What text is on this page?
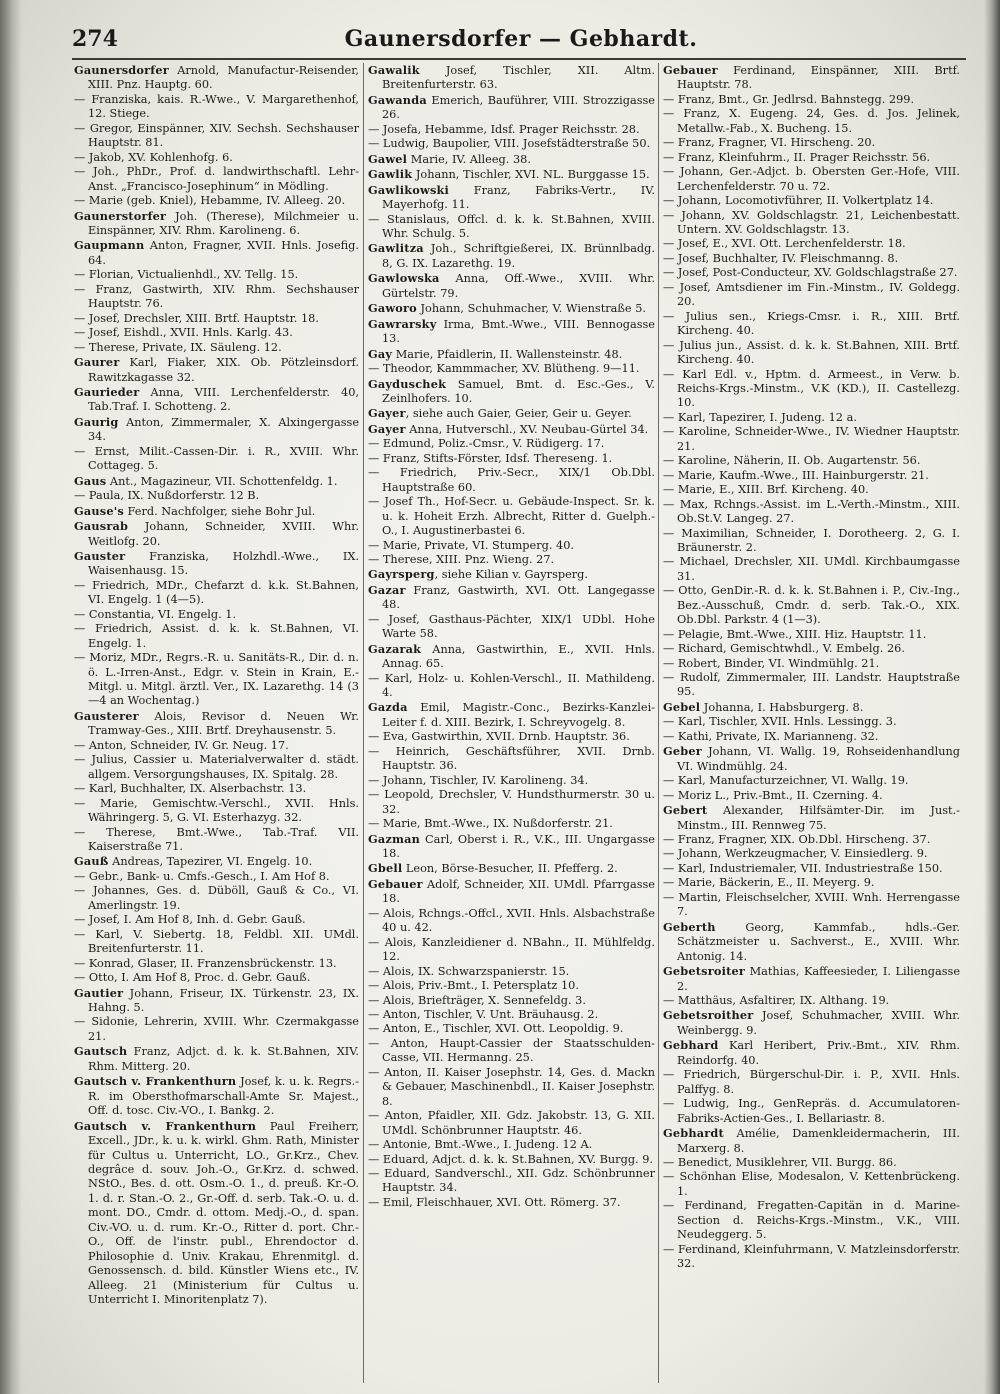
274	Gaunersdorfer — Gebhardt.
Gaunersdorfer Arnold, Manufactur-Reisender, XIII. Pnz. Hauptg. 60.
— Franziska, kais. R.-Wwe., V. Margarethenhof, 12. Stiege.
— Gregor, Einspänner, XIV. Sechsh. Sechshauser Hauptstr. 81.
— Jakob, XV. Kohlenhofg. 6.
— Joh., PhDr., Prof. d. landwirthschaftl. Lehr-Anst. „Francisco-Josephinum“ in Mödling.
— Marie (geb. Kniel), Hebamme, IV. Alleeg. 20.
Gaunerstorfer Joh. (Therese), Milchmeier u. Einspänner, XIV. Rhm. Karolineng. 6.
Gaupmann Anton, Fragner, XVII. Hnls. Josefig. 64.
— Florian, Victualienhdl., XV. Tellg. 15.
— Franz, Gastwirth, XIV. Rhm. Sechshauser Hauptstr. 76.
— Josef, Drechsler, XIII. Brtf. Hauptstr. 18.
— Josef, Eishdl., XVII. Hnls. Karlg. 43.
— Therese, Private, IX. Säuleng. 12.
Gaurer Karl, Fiaker, XIX. Ob. Pötzleinsdorf. Rawitzkagasse 32.
Gaurieder Anna, VIII. Lerchenfelderstr. 40, Tab.Traf. I. Schotteng. 2.
Gaurig Anton, Zimmermaler, X. Alxingergasse 34.
— Ernst, Milit.-Cassen-Dir. i. R., XVIII. Whr. Cottageg. 5.
Gaus Ant., Magazineur, VII. Schottenfeldg. 1.
— Paula, IX. Nußdorferstr. 12 B.
Gause's Ferd. Nachfolger, siehe Bohr Jul.
Gausrab Johann, Schneider, XVIII. Whr. Weitlofg. 20.
Gauster Franziska, Holzhdl.-Wwe., IX. Waisenhausg. 15.
— Friedrich, MDr., Chefarzt d. k.k. St.Bahnen, VI. Engelg. 1 (4—5).
— Constantia, VI. Engelg. 1.
— Friedrich, Assist. d. k. k. St.Bahnen, VI. Engelg. 1.
— Moriz, MDr., Regrs.-R. u. Sanitäts-R., Dir. d. n. ö. L.-Irren-Anst., Edgr. v. Stein in Krain, E.-Mitgl. u. Mitgl. ärztl. Ver., IX. Lazarethg. 14 (3—4 an Wochentag.)
Gausterer Alois, Revisor d. Neuen Wr. Tramway-Ges., XIII. Brtf. Dreyhausenstr. 5.
— Anton, Schneider, IV. Gr. Neug. 17.
— Julius, Cassier u. Materialverwalter d. städt. allgem. Versorgungshauses, IX. Spitalg. 28.
— Karl, Buchhalter, IX. Alserbachstr. 13.
— Marie, Gemischtw.-Verschl., XVII. Hnls. Währingerg. 5, G. VI. Esterhazyg. 32.
— Therese, Bmt.-Wwe., Tab.-Traf. VII. Kaiserstraße 71.
Gauß Andreas, Tapezirer, VI. Engelg. 10.
— Gebr., Bank- u. Cmfs.-Gesch., I. Am Hof 8.
— Johannes, Ges. d. Düböll, Gauß & Co., VI. Amerlingstr. 19.
— Josef, I. Am Hof 8, Inh. d. Gebr. Gauß.
— Karl, V. Siebertg. 18, Feldbl. XII. UMdl. Breitenfurterstr. 11.
— Konrad, Glaser, II. Franzensbrückenstr. 13.
— Otto, I. Am Hof 8, Proc. d. Gebr. Gauß.
Gautier Johann, Friseur, IX. Türkenstr. 23, IX. Hahng. 5.
— Sidonie, Lehrerin, XVIII. Whr. Czermakgasse 21.
Gautsch Franz, Adjct. d. k. k. St.Bahnen, XIV. Rhm. Mitterg. 20.
Gautsch v. Frankenthurn Josef, k. u. k. Regrs.-R. im Obersthofmarschall-Amte Sr. Majest., Off. d. tosc. Civ.-VO., I. Bankg. 2.
Gautsch v. Frankenthurn Paul Freiherr, Excell., JDr., k. u. k. wirkl. Ghm. Rath, Minister für Cultus u. Unterricht, LO., Gr.Krz., Chev. degrâce d. souv. Joh.-O., Gr.Krz. d. schwed. NStO., Bes. d. ott. Osm.-O. 1., d. preuß. Kr.-O. 1. d. r. Stan.-O. 2., Gr.-Off. d. serb. Tak.-O. u. d. mont. DO., Cmdr. d. ottom. Medj.-O., d. span. Civ.-VO. u. d. rum. Kr.-O., Ritter d. port. Chr.-O., Off. de l'instr. publ., Ehrendoctor d. Philosophie d. Univ. Krakau, Ehrenmitgl. d. Genossensch. d. bild. Künstler Wiens etc., IV. Alleeg. 21 (Ministerium für Cultus u. Unterricht I. Minoritenplatz 7).
Gawalik Josef, Tischler, XII. Altm. Breitenfurterstr. 63.
Gawanda Emerich, Bauführer, VIII. Strozzigasse 26.
— Josefa, Hebamme, Idsf. Prager Reichsstr. 28.
— Ludwig, Baupolier, VIII. Josefstädterstraße 50.
Gawel Marie, IV. Alleeg. 38.
Gawlik Johann, Tischler, XVI. NL. Burggasse 15.
Gawlikowski Franz, Fabriks-Vertr., IV. Mayerhofg. 11.
— Stanislaus, Offcl. d. k. k. St.Bahnen, XVIII. Whr. Schulg. 5.
Gawlitza Joh., Schriftgießerei, IX. Brünnlbadg. 8, G. IX. Lazarethg. 19.
Gawlowska Anna, Off.-Wwe., XVIII. Whr. Gürtelstr. 79.
Gaworo Johann, Schuhmacher, V. Wienstraße 5.
Gawrarsky Irma, Bmt.-Wwe., VIII. Bennogasse 13.
Gay Marie, Pfaidlerin, II. Wallensteinstr. 48.
— Theodor, Kammmacher, XV. Blütheng. 9—11.
Gayduschek Samuel, Bmt. d. Esc.-Ges., V. Zeinlhofers. 10.
Gayer, siehe auch Gaier, Geier, Geir u. Geyer.
Gayer Anna, Hutverschl., XV. Neubau-Gürtel 34.
— Edmund, Poliz.-Cmsr., V. Rüdigerg. 17.
— Franz, Stifts-Förster, Idsf. Thereseng. 1.
— Friedrich, Priv.-Secr., XIX/1 Ob.Dbl. Hauptstraße 60.
— Josef Th., Hof-Secr. u. Gebäude-Inspect. Sr. k. u. k. Hoheit Erzh. Albrecht, Ritter d. Guelph.-O., I. Augustinerbastei 6.
— Marie, Private, VI. Stumperg. 40.
— Therese, XIII. Pnz. Wieng. 27.
Gayrsperg, siehe Kilian v. Gayrsperg.
Gazar Franz, Gastwirth, XVI. Ott. Langegasse 48.
— Josef, Gasthaus-Pächter, XIX/1 UDbl. Hohe Warte 58.
Gazarak Anna, Gastwirthin, E., XVII. Hnls. Annag. 65.
— Karl, Holz- u. Kohlen-Verschl., II. Mathildeng. 4.
Gazda Emil, Magistr.-Conc., Bezirks-Kanzlei-Leiter f. d. XIII. Bezirk, I. Schreyvogelg. 8.
— Eva, Gastwirthin, XVII. Drnb. Hauptstr. 36.
— Heinrich, Geschäftsführer, XVII. Drnb. Hauptstr. 36.
— Johann, Tischler, IV. Karolineng. 34.
— Leopold, Drechsler, V. Hundsthurmerstr. 30 u. 32.
— Marie, Bmt.-Wwe., IX. Nußdorferstr. 21.
Gazman Carl, Oberst i. R., V.K., III. Ungargasse 18.
Gbell Leon, Börse-Besucher, II. Pfefferg. 2.
Gebauer Adolf, Schneider, XII. UMdl. Pfarrgasse 18.
— Alois, Rchngs.-Offcl., XVII. Hnls. Alsbachstraße 40 u. 42.
— Alois, Kanzleidiener d. NBahn., II. Mühlfeldg. 12.
— Alois, IX. Schwarzspanierstr. 15.
— Alois, Priv.-Bmt., I. Petersplatz 10.
— Alois, Briefträger, X. Sennefeldg. 3.
— Anton, Tischler, V. Unt. Bräuhausg. 2.
— Anton, E., Tischler, XVI. Ott. Leopoldig. 9.
— Anton, Haupt-Cassier der Staatsschulden-Casse, VII. Hermanng. 25.
— Anton, II. Kaiser Josephstr. 14, Ges. d. Mackn & Gebauer, Maschinenbdl., II. Kaiser Josephstr. 8.
— Anton, Pfaidler, XII. Gdz. Jakobstr. 13, G. XII. UMdl. Schönbrunner Hauptstr. 46.
— Antonie, Bmt.-Wwe., I. Judeng. 12 A.
— Eduard, Adjct. d. k. k. St.Bahnen, XV. Burgg. 9.
— Eduard, Sandverschl., XII. Gdz. Schönbrunner Hauptstr. 34.
— Emil, Fleischhauer, XVI. Ott. Römerg. 37.
Gebauer Ferdinand, Einspänner, XIII. Brtf. Hauptstr. 78.
— Franz, Bmt., Gr. Jedlrsd. Bahnstegg. 299.
— Franz, X. Eugeng. 24, Ges. d. Jos. Jelinek, Metallw.-Fab., X. Bucheng. 15.
— Franz, Fragner, VI. Hirscheng. 20.
— Franz, Kleinfuhrm., II. Prager Reichsstr. 56.
— Johann, Ger.-Adjct. b. Obersten Ger.-Hofe, VIII. Lerchenfelderstr. 70 u. 72.
— Johann, Locomotivführer, II. Volkertplatz 14.
— Johann, XV. Goldschlagstr. 21, Leichenbestatt. Untern. XV. Goldschlagstr. 13.
— Josef, E., XVI. Ott. Lerchenfelderstr. 18.
— Josef, Buchhalter, IV. Fleischmanng. 8.
— Josef, Post-Conducteur, XV. Goldschlagstraße 27.
— Josef, Amtsdiener im Fin.-Minstm., IV. Goldegg. 20.
— Julius sen., Kriegs-Cmsr. i. R., XIII. Brtf. Kircheng. 40.
— Julius jun., Assist. d. k. k. St.Bahnen, XIII. Brtf. Kircheng. 40.
— Karl Edl. v., Hptm. d. Armeest., in Verw. b. Reichs-Krgs.-Minstm., V.K (KD.), II. Castellezg. 10.
— Karl, Tapezirer, I. Judeng. 12 a.
— Karoline, Schneider-Wwe., IV. Wiedner Hauptstr. 21.
— Karoline, Näherin, II. Ob. Augartenstr. 56.
— Marie, Kaufm.-Wwe., III. Hainburgerstr. 21.
— Marie, E., XIII. Brf. Kircheng. 40.
— Max, Rchngs.-Assist. im L.-Verth.-Minstm., XIII. Ob.St.V. Langeg. 27.
— Maximilian, Schneider, I. Dorotheerg. 2, G. I. Bräunerstr. 2.
— Michael, Drechsler, XII. UMdl. Kirchbaumgasse 31.
— Otto, GenDir.-R. d. k. k. St.Bahnen i. P., Civ.-Ing., Bez.-Ausschuß, Cmdr. d. serb. Tak.-O., XIX. Ob.Dbl. Parkstr. 4 (1—3).
— Pelagie, Bmt.-Wwe., XIII. Hiz. Hauptstr. 11.
— Richard, Gemischtwhdl., V. Embelg. 26.
— Robert, Binder, VI. Windmühlg. 21.
— Rudolf, Zimmermaler, III. Landstr. Hauptstraße 95.
Gebel Johanna, I. Habsburgerg. 8.
— Karl, Tischler, XVII. Hnls. Lessingg. 3.
— Kathi, Private, IX. Marianneng. 32.
Geber Johann, VI. Wallg. 19, Rohseidenhandlung VI. Windmühlg. 24.
— Karl, Manufacturzeichner, VI. Wallg. 19.
— Moriz L., Priv.-Bmt., II. Czerning. 4.
Gebert Alexander, Hilfsämter-Dir. im Just.-Minstm., III. Rennweg 75.
— Franz, Fragner, XIX. Ob.Dbl. Hirscheng. 37.
— Johann, Werkzeugmacher, V. Einsiedlerg. 9.
— Karl, Industriemaler, VII. Industriestraße 150.
— Marie, Bäckerin, E., II. Meyerg. 9.
— Martin, Fleischselcher, XVIII. Wnh. Herrengasse 7.
Geberth Georg, Kammfab., hdls.-Ger. Schätzmeister u. Sachverst., E., XVIII. Whr. Antonig. 14.
Gebetsroiter Mathias, Kaffeesieder, I. Liliengasse 2.
— Matthäus, Asfaltirer, IX. Althang. 19.
Gebetsroither Josef, Schuhmacher, XVIII. Whr. Weinbergg. 9.
Gebhard Karl Heribert, Priv.-Bmt., XIV. Rhm. Reindorfg. 40.
— Friedrich, Bürgerschul-Dir. i. P., XVII. Hnls. Palffyg. 8.
— Ludwig, Ing., GenRepräs. d. Accumulatoren-Fabriks-Actien-Ges., I. Bellariastr. 8.
Gebhardt Amélie, Damenkleidermacherin, III. Marxerg. 8.
— Benedict, Musiklehrer, VII. Burgg. 86.
— Schönhan Elise, Modesalon, V. Kettenbrückeng. 1.
— Ferdinand, Fregatten-Capitän in d. Marine-Section d. Reichs-Krgs.-Minstm., V.K., VIII. Neudeggerg. 5.
— Ferdinand, Kleinfuhrmann, V. Matzleinsdorferstr. 32.
